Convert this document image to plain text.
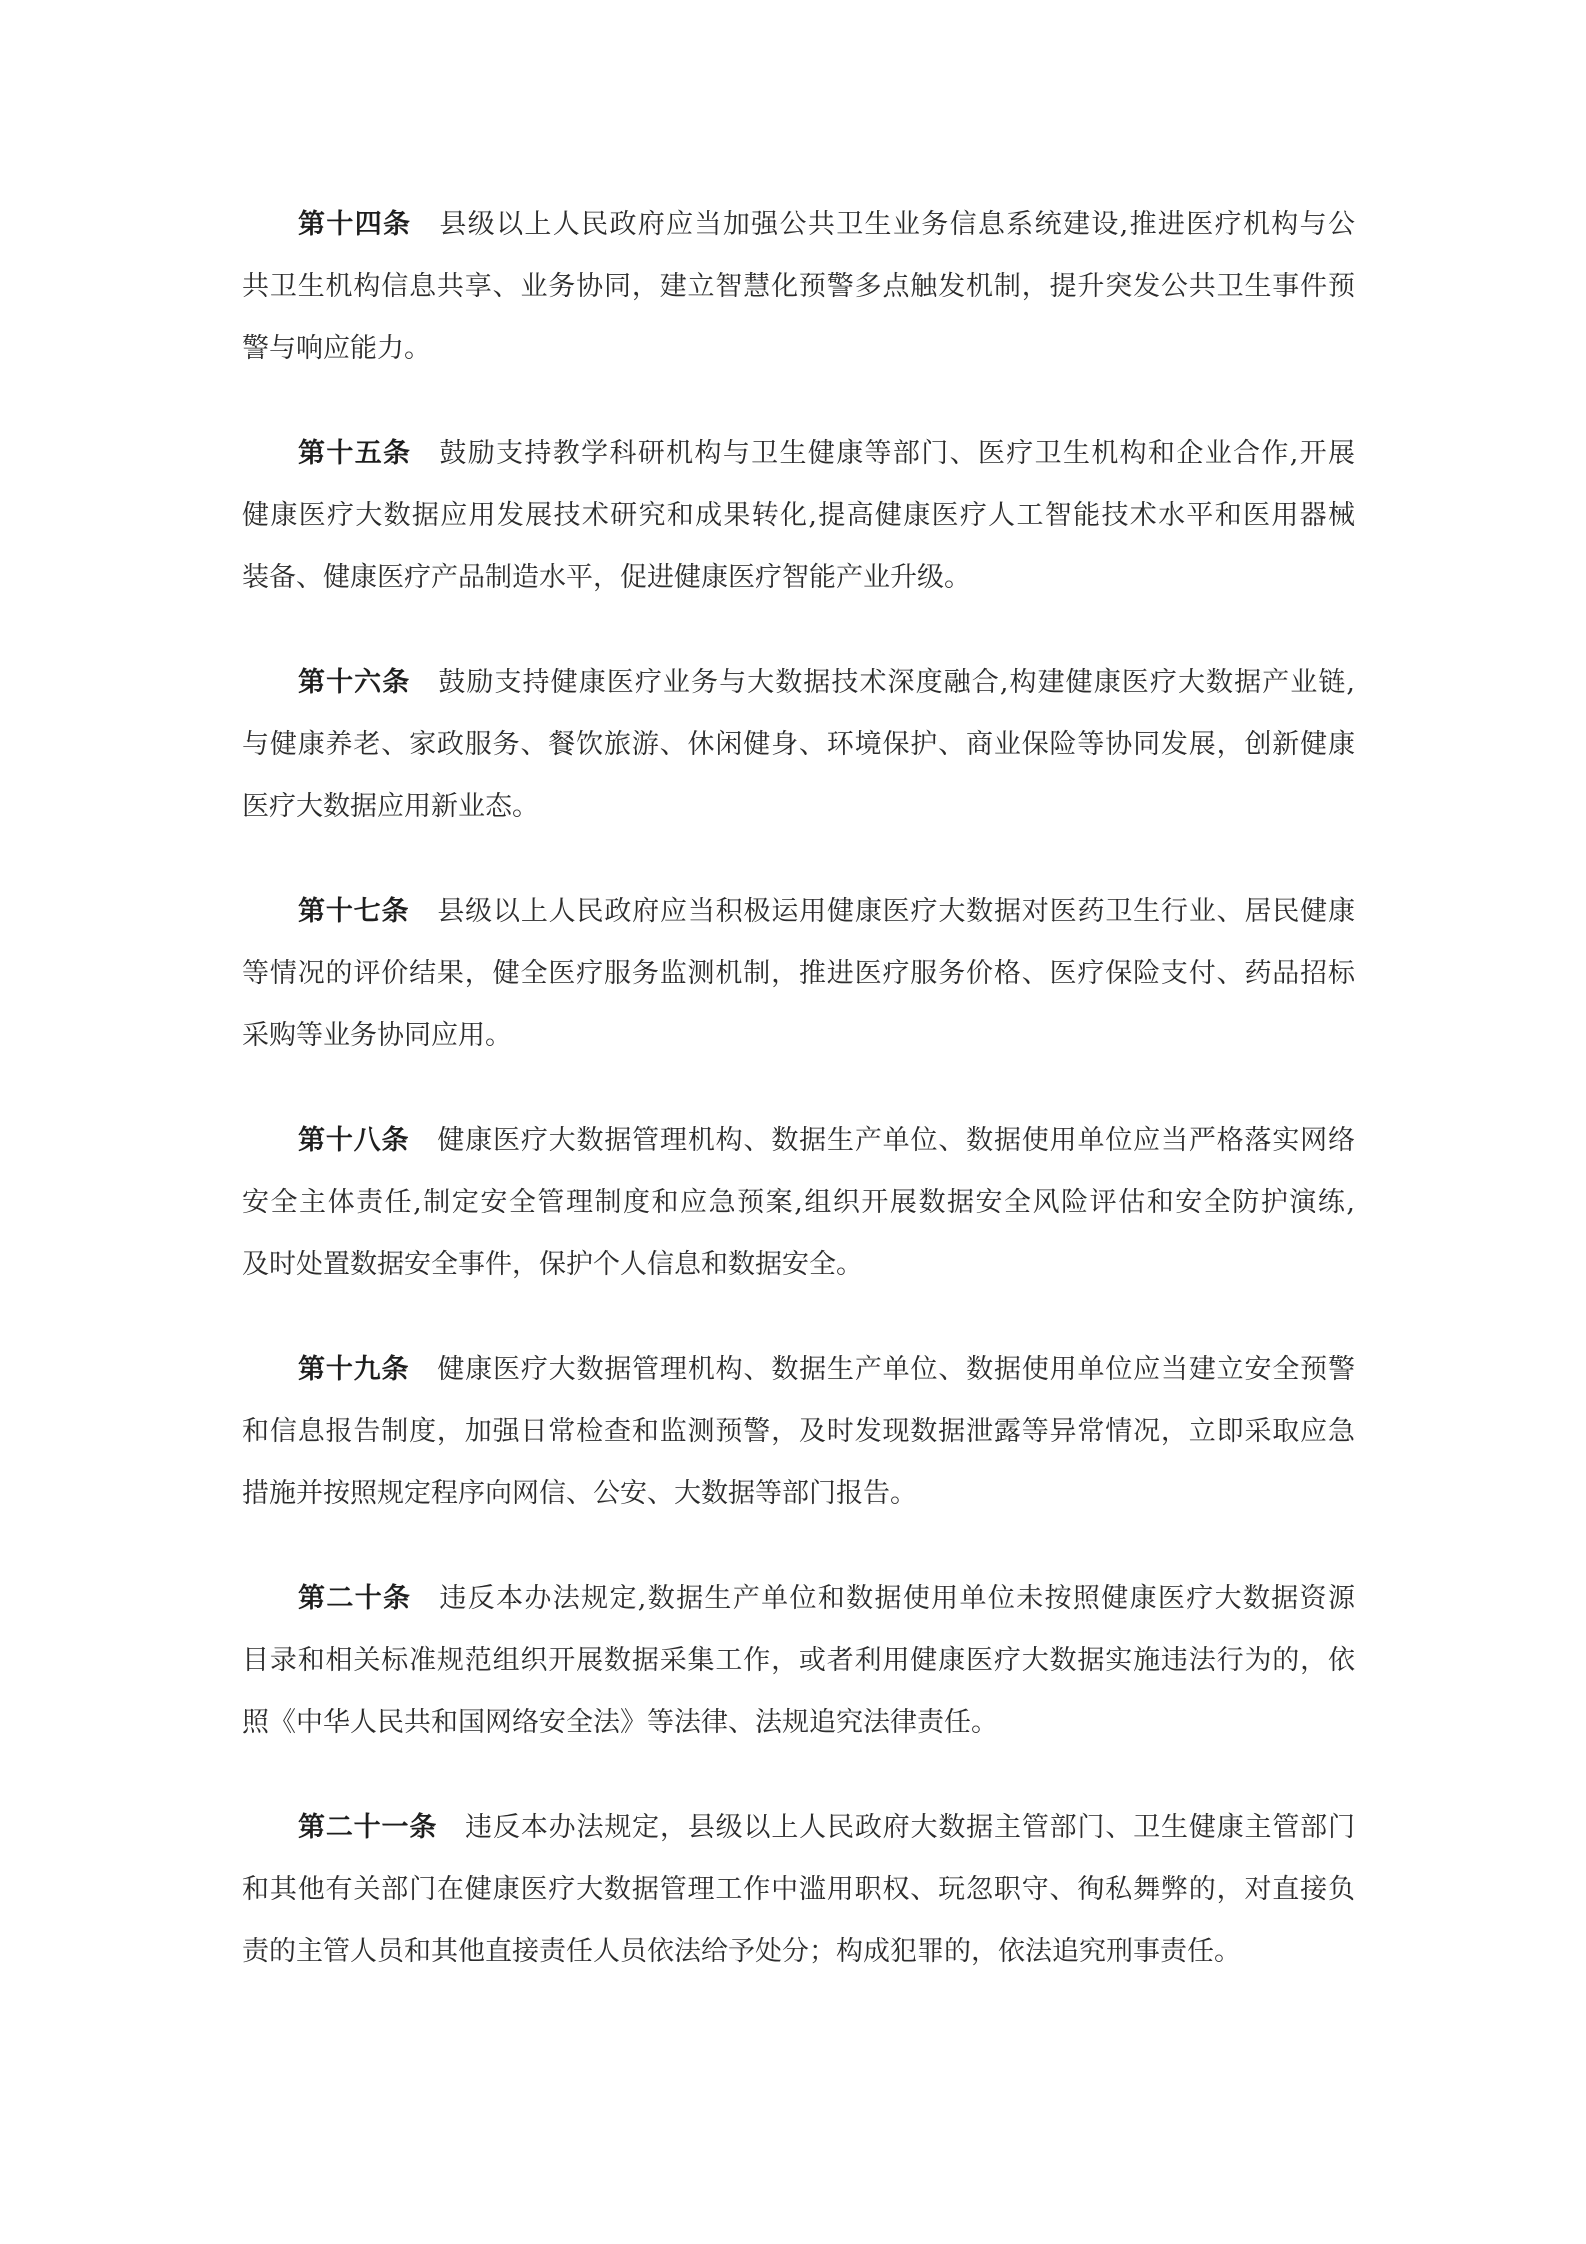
第十四条 县级以上人民政府应当加强公共卫生业务信息系统建设,推进医疗机构与公
共卫生机构信息共享、业务协同，建立智慧化预警多点触发机制，提升突发公共卫生事件预
警与响应能力。
第十五条 鼓励支持教学科研机构与卫生健康等部门、医疗卫生机构和企业合作,开展
健康医疗大数据应用发展技术研究和成果转化,提高健康医疗人工智能技术水平和医用器械
装备、健康医疗产品制造水平，促进健康医疗智能产业升级。
第十六条 鼓励支持健康医疗业务与大数据技术深度融合,构建健康医疗大数据产业链,
与健康养老、家政服务、餐饮旅游、休闲健身、环境保护、商业保险等协同发展，创新健康
医疗大数据应用新业态。
第十七条 县级以上人民政府应当积极运用健康医疗大数据对医药卫生行业、居民健康
等情况的评价结果，健全医疗服务监测机制，推进医疗服务价格、医疗保险支付、药品招标
采购等业务协同应用。
第十八条 健康医疗大数据管理机构、数据生产单位、数据使用单位应当严格落实网络
安全主体责任,制定安全管理制度和应急预案,组织开展数据安全风险评估和安全防护演练,
及时处置数据安全事件，保护个人信息和数据安全。
第十九条 健康医疗大数据管理机构、数据生产单位、数据使用单位应当建立安全预警
和信息报告制度，加强日常检查和监测预警，及时发现数据泄露等异常情况，立即采取应急
措施并按照规定程序向网信、公安、大数据等部门报告。
第二十条 违反本办法规定,数据生产单位和数据使用单位未按照健康医疗大数据资源
目录和相关标准规范组织开展数据采集工作，或者利用健康医疗大数据实施违法行为的，依
照《中华人民共和国网络安全法》等法律、法规追究法律责任。
第二十一条 违反本办法规定，县级以上人民政府大数据主管部门、卫生健康主管部门
和其他有关部门在健康医疗大数据管理工作中滥用职权、玩忽职守、徇私舞弊的，对直接负
责的主管人员和其他直接责任人员依法给予处分；构成犯罪的，依法追究刑事责任。
